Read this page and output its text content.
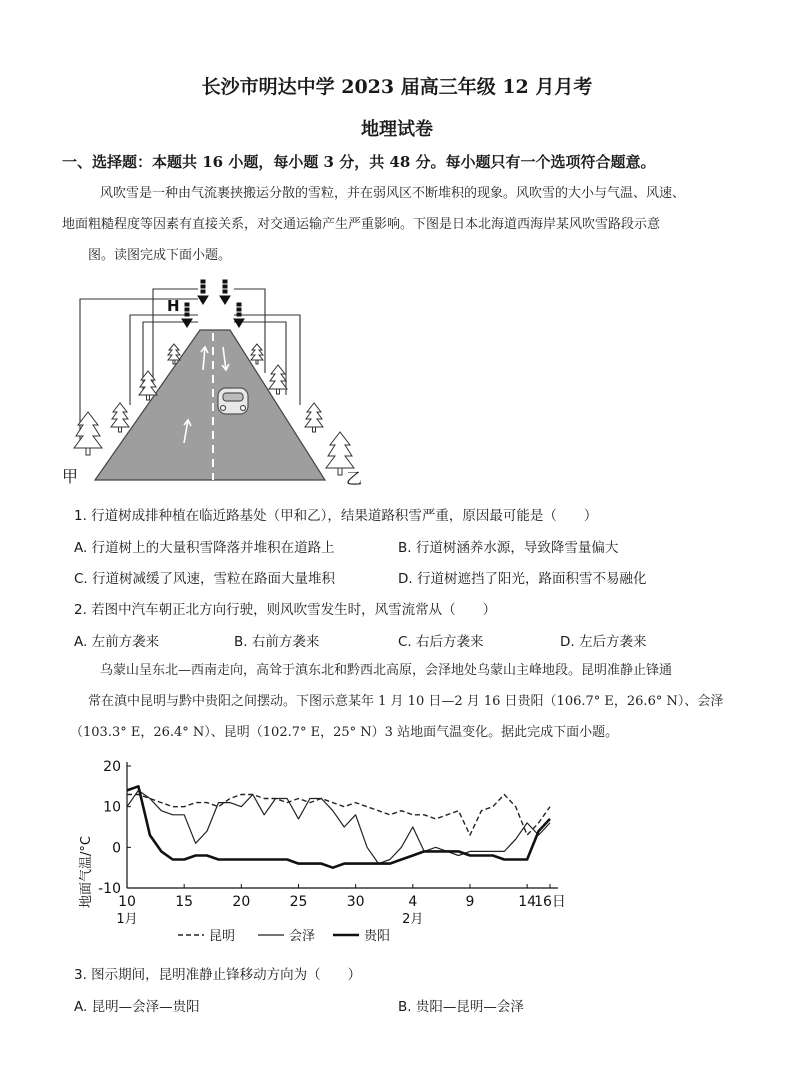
长沙市明达中学 2023 届高三年级 12 月月考
地理试卷
一、选择题：本题共 16 小题，每小题 3 分，共 48 分。每小题只有一个选项符合题意。
风吹雪是一种由气流裹挟搬运分散的雪粒，并在弱风区不断堆积的现象。风吹雪的大小与气温、风速、
地面粗糙程度等因素有直接关系，对交通运输产生严重影响。下图是日本北海道西海岸某风吹雪路段示意
图。读图完成下面小题。
H
甲	乙
1. 行道树成排种植在临近路基处（甲和乙），结果道路积雪严重，原因最可能是（　　）
A. 行道树上的大量积雪降落并堆积在道路上	B. 行道树涵养水源，导致降雪量偏大
C. 行道树减缓了风速，雪粒在路面大量堆积	D. 行道树遮挡了阳光，路面积雪不易融化
2. 若图中汽车朝正北方向行驶，则风吹雪发生时，风雪流常从（　　）
A. 左前方袭来	B. 右前方袭来	C. 右后方袭来	D. 左后方袭来
乌蒙山呈东北—西南走向，高耸于滇东北和黔西北高原，会泽地处乌蒙山主峰地段。昆明准静止锋通
常在滇中昆明与黔中贵阳之间摆动。下图示意某年 1 月 10 日—2 月 16 日贵阳（106.7° E，26.6° N）、会泽
（103.3° E，26.4° N）、昆明（102.7° E，25° N）3 站地面气温变化。据此完成下面小题。
地面气温/°C
20
10
0
-10
10	15	20	25	30	4	9	14
16日
1月	2月
昆明	会泽	贵阳
3. 图示期间，昆明准静止锋移动方向为（　　）
A. 昆明—会泽—贵阳	B. 贵阳—昆明—会泽
